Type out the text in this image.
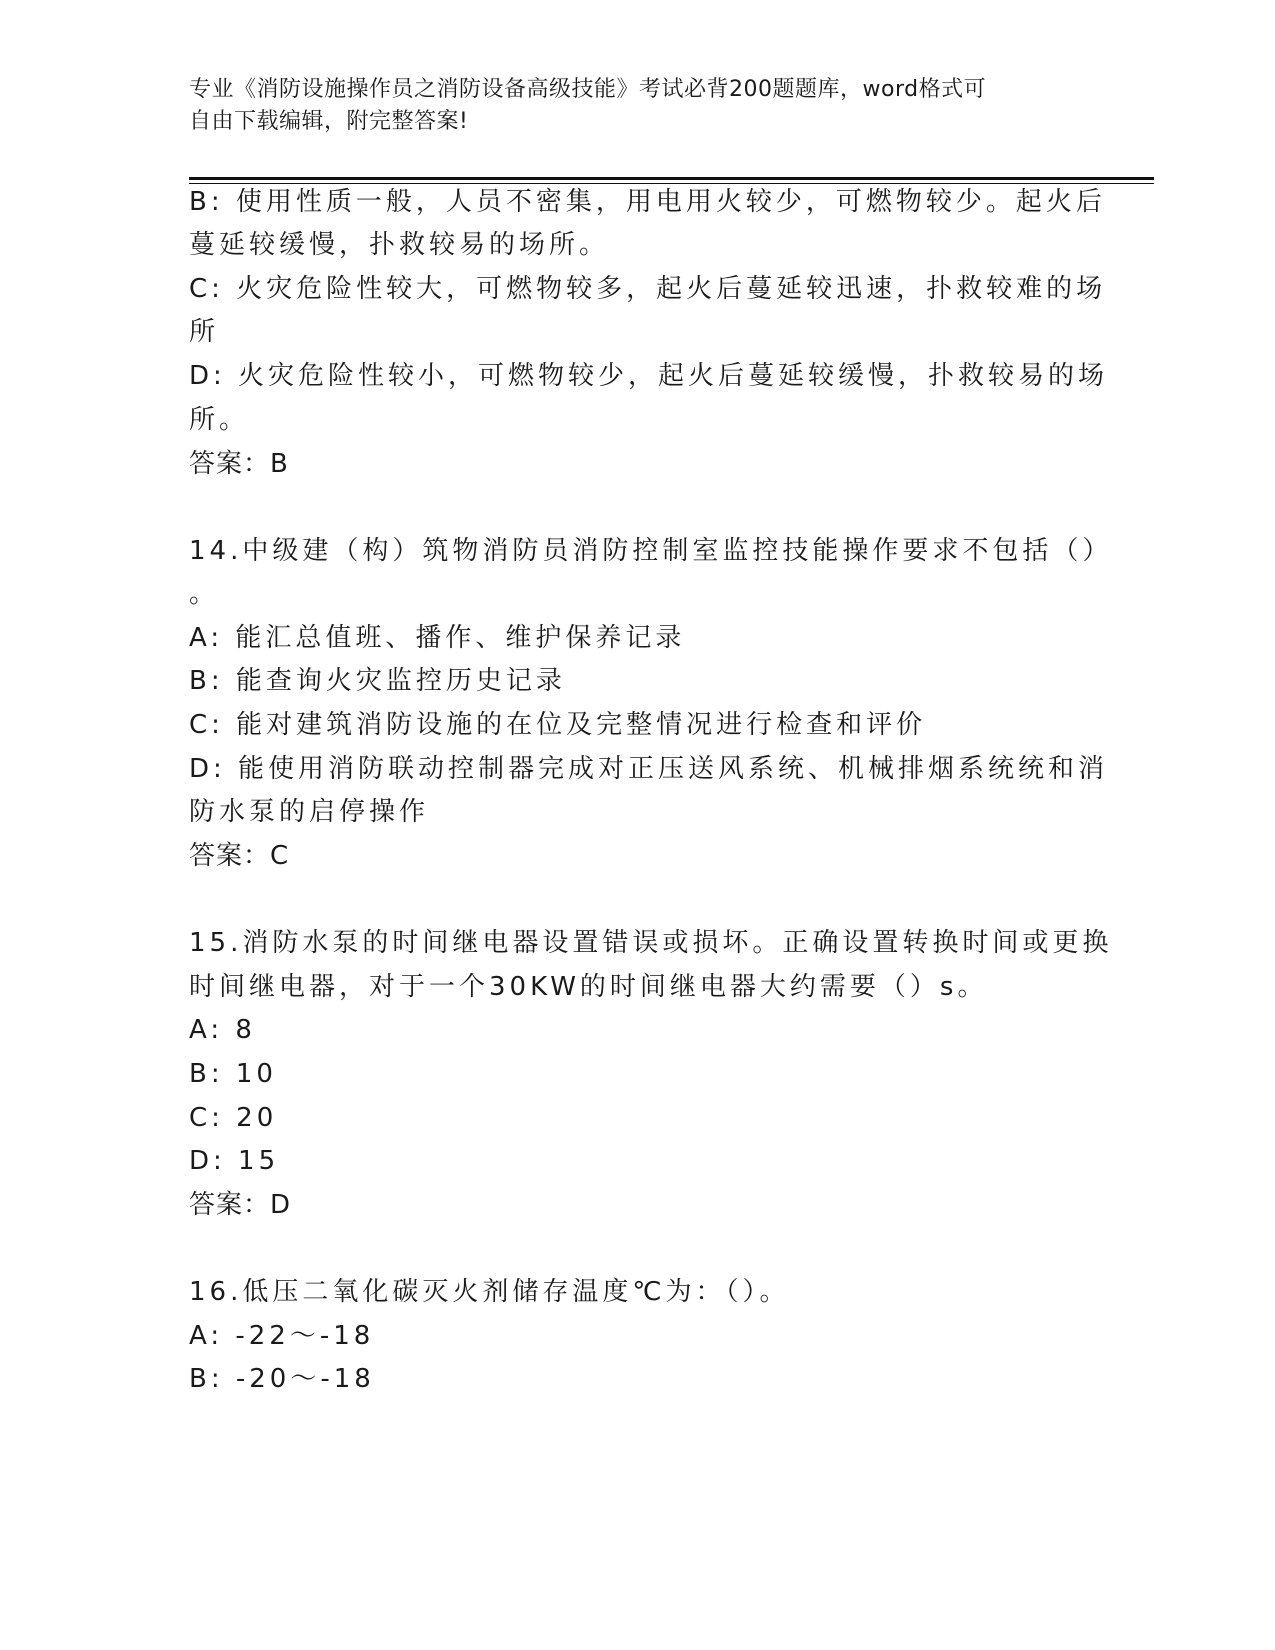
专业《消防设施操作员之消防设备高级技能》考试必背200题题库，word格式可
自由下载编辑，附完整答案!
B: 使用性质一般，人员不密集，用电用火较少，可燃物较少。起火后
蔓延较缓慢，扑救较易的场所。
C: 火灾危险性较大，可燃物较多，起火后蔓延较迅速，扑救较难的场
所
D: 火灾危险性较小，可燃物较少，起火后蔓延较缓慢，扑救较易的场
所。
答案：B
14.中级建（构）筑物消防员消防控制室监控技能操作要求不包括（）
。
A: 能汇总值班、播作、维护保养记录
B: 能查询火灾监控历史记录
C: 能对建筑消防设施的在位及完整情况进行检查和评价
D: 能使用消防联动控制器完成对正压送风系统、机械排烟系统统和消
防水泵的启停操作
答案：C
15.消防水泵的时间继电器设置错误或损坏。正确设置转换时间或更换
时间继电器，对于一个30KW的时间继电器大约需要（）s。
A: 8
B: 10
C: 20
D: 15
答案：D
16.低压二氧化碳灭火剂储存温度℃为：（）。
A: -22～-18
B: -20～-18
